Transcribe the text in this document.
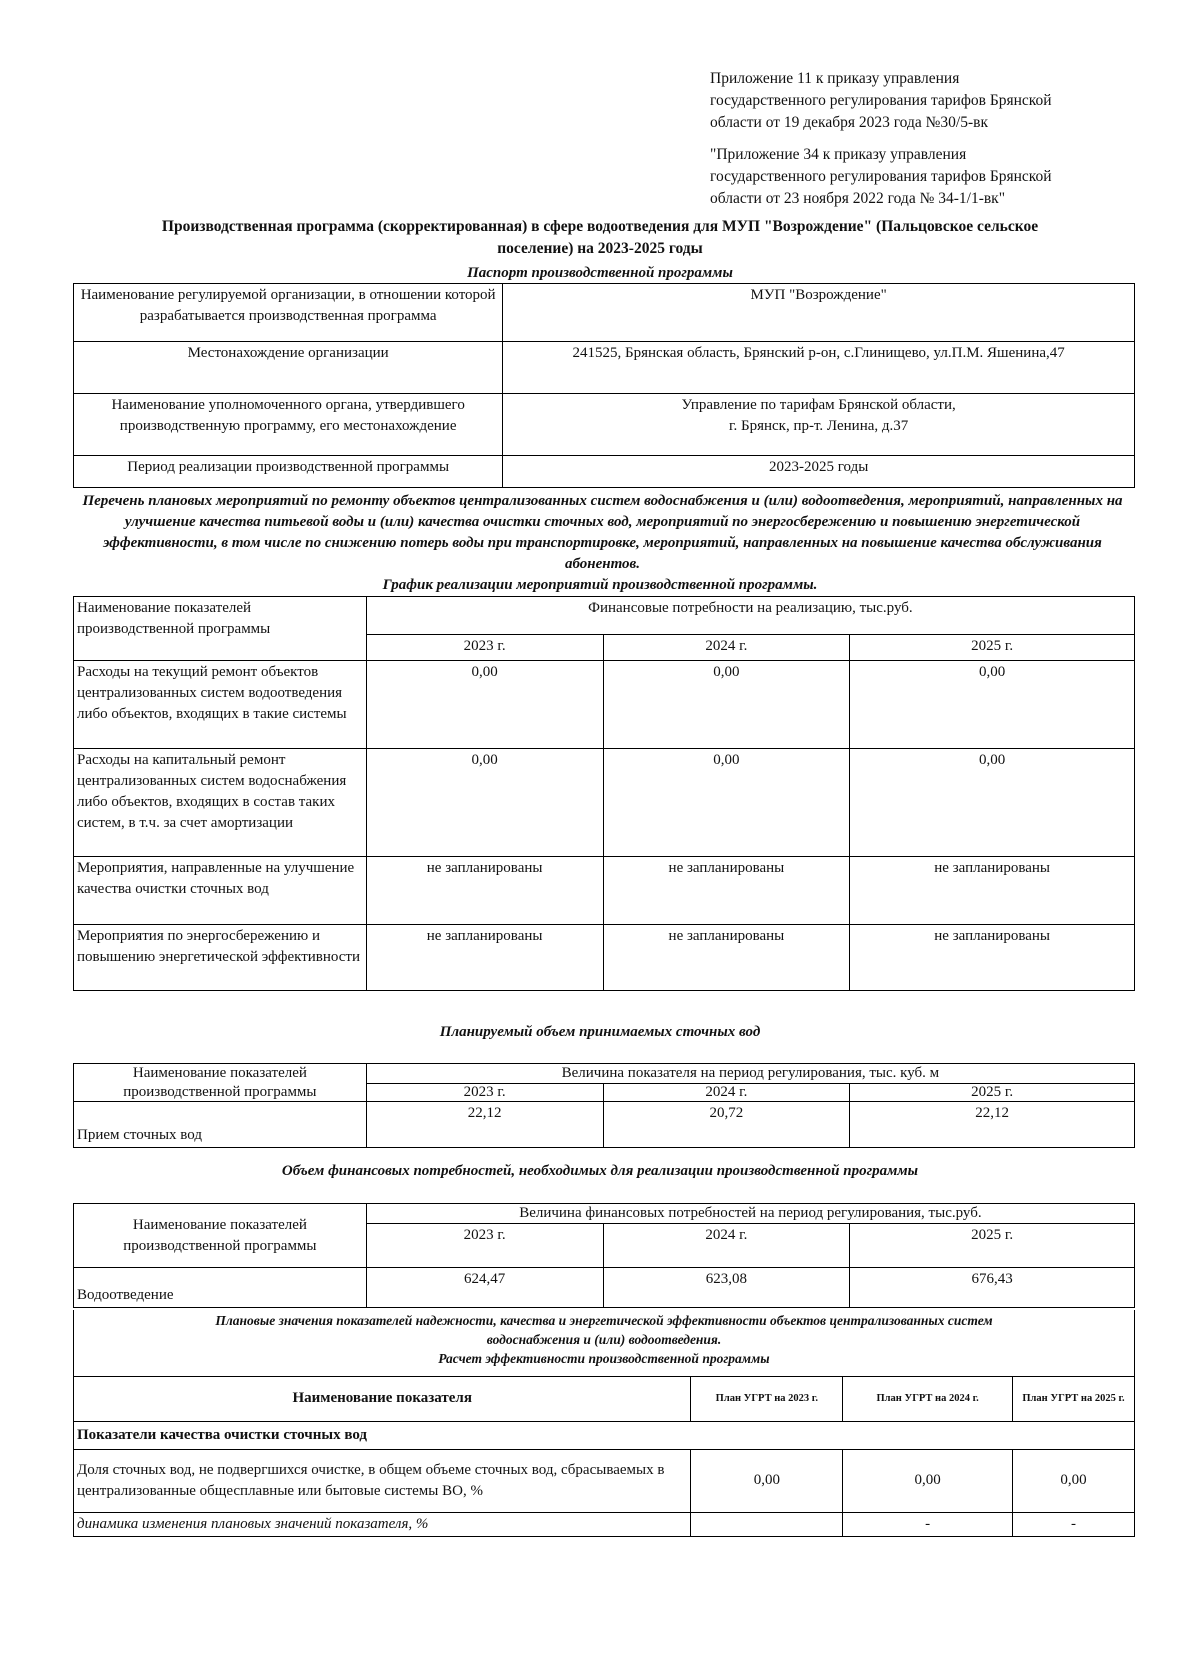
Приложение 11 к приказу управления

государственного регулирования тарифов Брянской

области от 19 декабря 2023 года №30/5-вк

"Приложение 34 к приказу управления

государственного регулирования тарифов Брянской

области от 23 ноября 2022 года № 34-1/1-вк"

Производственная программа (скорректированная) в сфере водоотведения для МУП "Возрождение" (Пальцовское сельское
поселение) на 2023-2025 годы
Паспорт производственной программы
Наименование регулируемой организации, в отношении которой разрабатывается производственная программа	МУП "Возрождение"
Местонахождение организации	241525, Брянская область, Брянский р-он, с.Глинищево, ул.П.М. Яшенина,47
Наименование уполномоченного органа, утвердившего производственную программу, его местонахождение	Управление по тарифам Брянской области,
г. Брянск, пр-т. Ленина, д.37
Период реализации производственной программы	2023-2025 годы
Перечень плановых мероприятий по ремонту объектов централизованных систем водоснабжения и (или) водоотведения, мероприятий, направленных на улучшение качества питьевой воды и (или) качества очистки сточных вод, мероприятий по энергосбережению и повышению энергетической эффективности, в том числе по снижению потерь воды при транспортировке, мероприятий, направленных на повышение качества обслуживания абонентов.
График реализации мероприятий производственной программы.
Наименование показателей производственной программы	Финансовые потребности на реализацию, тыс.руб.		
	2023 г.	2024 г.	2025 г.
Расходы на текущий ремонт объектов централизованных систем водоотведения либо объектов, входящих в такие системы	0,00	0,00	0,00
Расходы на капитальный ремонт централизованных систем водоснабжения либо объектов, входящих в состав таких систем, в т.ч. за счет амортизации	0,00	0,00	0,00
Мероприятия, направленные на улучшение качества очистки сточных вод	не запланированы	не запланированы	не запланированы
Мероприятия по энергосбережению и повышению энергетической эффективности	не запланированы	не запланированы	не запланированы
Планируемый объем принимаемых сточных вод
Наименование показателей	Величина показателя на период регулирования, тыс. куб. м		
производственной программы	2023 г.	2024 г.	2025 г.
Прием сточных вод	22,12	20,72	22,12
Объем финансовых потребностей, необходимых для реализации производственной программы
Наименование показателей производственной программы	Величина финансовых потребностей на период регулирования, тыс.руб.		
	2023 г.	2024 г.	2025 г.
Водоотведение	624,47	623,08	676,43
Плановые значения показателей надежности, качества и энергетической эффективности объектов централизованных систем
водоснабжения и (или) водоотведения.
Расчет эффективности производственной программы			

Наименование показателя	План УГРТ на 2023 г.	План УГРТ на 2024 г.	План УГРТ на 2025 г.
Показатели качества очистки сточных вод			
Доля сточных вод, не подвергшихся очистке, в общем объеме сточных вод, сбрасываемых в централизованные общесплавные или бытовые системы ВО, %	0,00	0,00	0,00
динамика изменения плановых значений показателя, %		-	-
